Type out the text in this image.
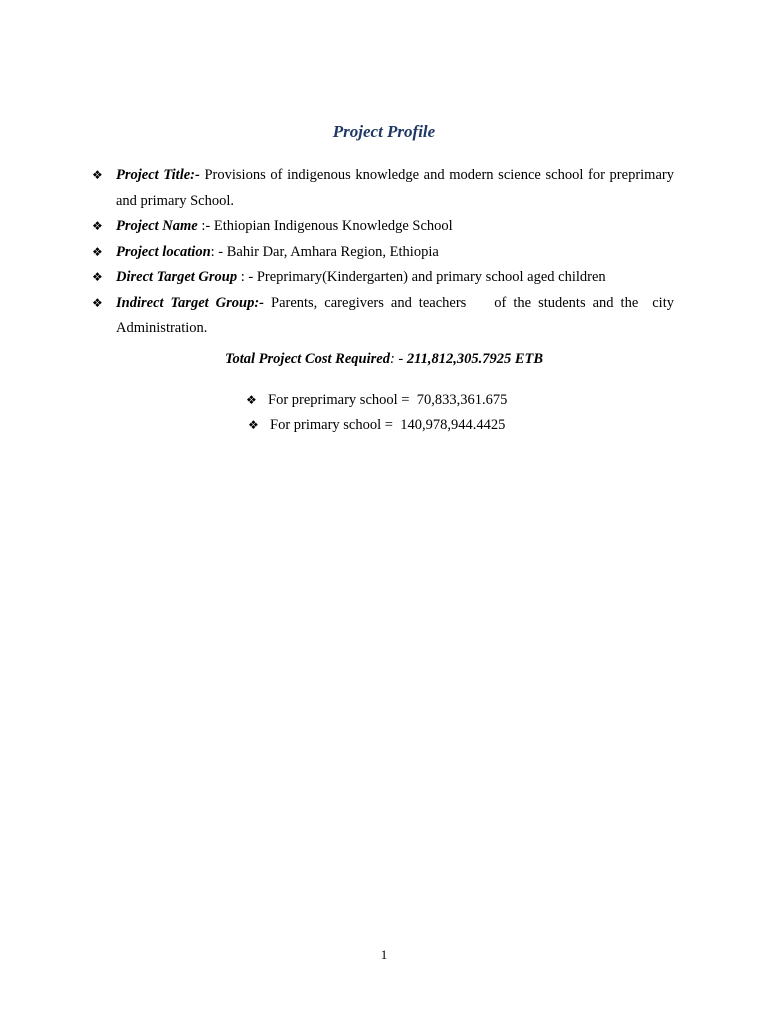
Project Profile
❖ Project Title:- Provisions of indigenous knowledge and modern science school for preprimary and primary School.
❖ Project Name :- Ethiopian Indigenous Knowledge School
❖ Project location: - Bahir Dar, Amhara Region, Ethiopia
❖ Direct Target Group : - Preprimary(Kindergarten) and primary school aged children
❖ Indirect Target Group:- Parents, caregivers and teachers    of the students and the  city Administration.
Total Project Cost Required: - 211,812,305.7925 ETB
❖ For preprimary school =  70,833,361.675
❖ For primary school =  140,978,944.4425
1
